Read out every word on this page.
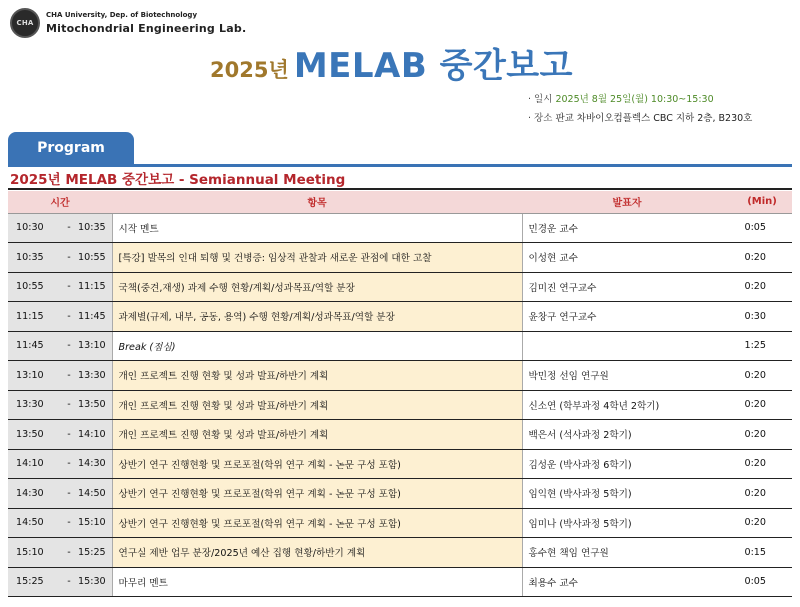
CHA
CHA University, Dep. of Biotechnology
Mitochondrial Engineering Lab.
2025년 MELAB 중간보고
· 일시 2025년 8월 25일(월) 10:30~15:30
· 장소 판교 차바이오컴플렉스 CBC 지하 2층, B230호
Program
2025년 MELAB 중간보고 - Semiannual Meeting
시간			항목	발표자	(Min)
10:30	-	10:35	시작 멘트	민경운 교수	0:05
10:35	-	10:55	[특강] 발목의 인대 퇴행 및 건병증: 임상적 관찰과 새로운 관점에 대한 고찰	이성현 교수	0:20
10:55	-	11:15	국책(중견,재생) 과제 수행 현황/계획/성과목표/역할 분장	김미진 연구교수	0:20
11:15	-	11:45	과제별(규제, 내부, 공동, 용역) 수행 현황/계획/성과목표/역할 분장	윤창구 연구교수	0:30
11:45	-	13:10	Break (점심)		1:25
13:10	-	13:30	개인 프로젝트 진행 현황 및 성과 발표/하반기 계획	박민정 선임 연구원	0:20
13:30	-	13:50	개인 프로젝트 진행 현황 및 성과 발표/하반기 계획	신소연 (학부과정 4학년 2학기)	0:20
13:50	-	14:10	개인 프로젝트 진행 현황 및 성과 발표/하반기 계획	백은서 (석사과정 2학기)	0:20
14:10	-	14:30	상반기 연구 진행현황 및 프로포절(학위 연구 계획 - 논문 구성 포함)	김성운 (박사과정 6학기)	0:20
14:30	-	14:50	상반기 연구 진행현황 및 프로포절(학위 연구 계획 - 논문 구성 포함)	임익현 (박사과정 5학기)	0:20
14:50	-	15:10	상반기 연구 진행현황 및 프로포절(학위 연구 계획 - 논문 구성 포함)	임미나 (박사과정 5학기)	0:20
15:10	-	15:25	연구실 제반 업무 분장/2025년 예산 집행 현황/하반기 계획	홍수현 책임 연구원	0:15
15:25	-	15:30	마무리 멘트	최용수 교수	0:05
